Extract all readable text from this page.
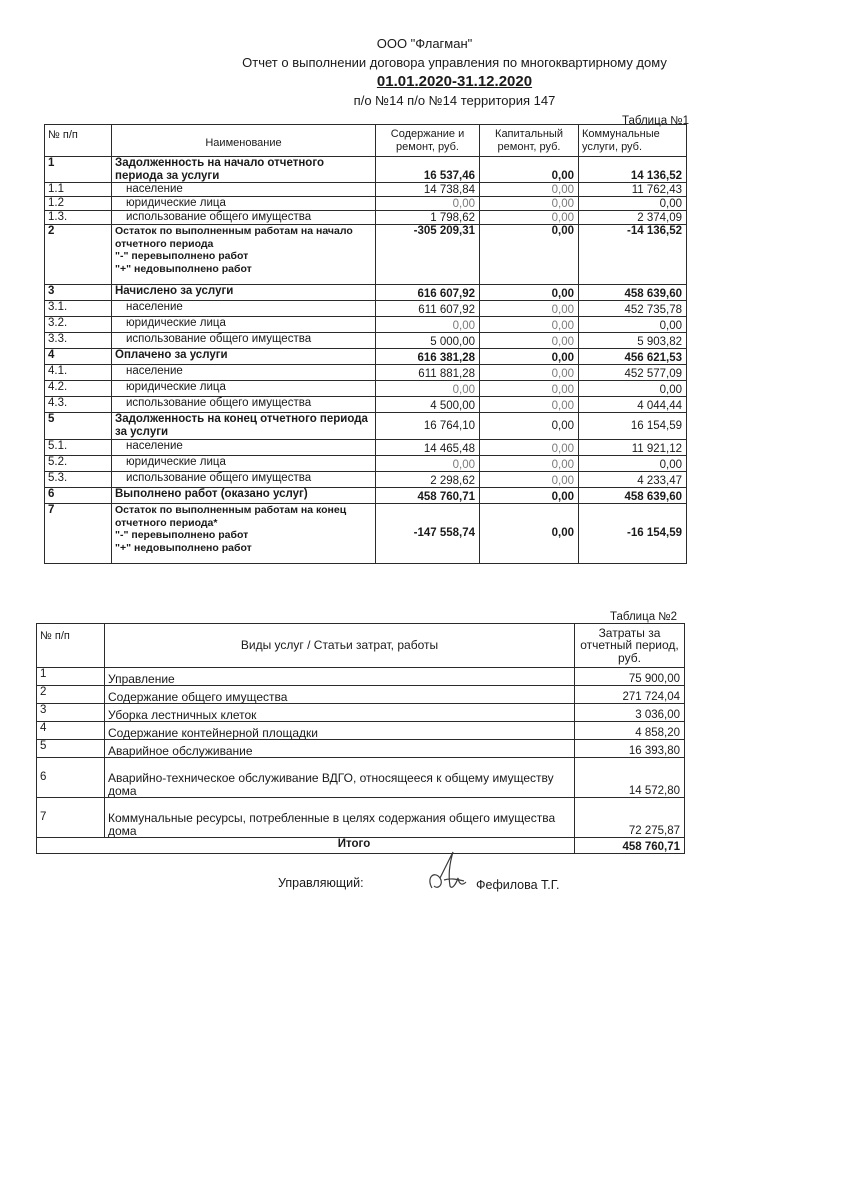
ООО "Флагман"
Отчет о выполнении договора управления по многоквартирному дому
01.01.2020-31.12.2020
п/о №14 п/о №14 территория 147
Таблица №1
№ п/п	Наименование	Содержание и ремонт, руб.	Капитальный ремонт, руб.	Коммунальные услуги, руб.
1	Задолженность на начало отчетного периода за услуги	16 537,46	0,00	14 136,52
1.1	население	14 738,84	0,00	11 762,43
1.2	юридические лица	0,00	0,00	0,00
1.3.	использование общего имущества	1 798,62	0,00	2 374,09
2	Остаток по выполненным работам на начало отчетного периода
"-" перевыполнено работ
"+" недовыполнено работ	-305 209,31	0,00	-14 136,52
3	Начислено за услуги	616 607,92	0,00	458 639,60
3.1.	население	611 607,92	0,00	452 735,78
3.2.	юридические лица	0,00	0,00	0,00
3.3.	использование общего имущества	5 000,00	0,00	5 903,82
4	Оплачено за услуги	616 381,28	0,00	456 621,53
4.1.	население	611 881,28	0,00	452 577,09
4.2.	юридические лица	0,00	0,00	0,00
4.3.	использование общего имущества	4 500,00	0,00	4 044,44
5	Задолженность на конец отчетного периода за услуги	16 764,10	0,00	16 154,59
5.1.	население	14 465,48	0,00	11 921,12
5.2.	юридические лица	0,00	0,00	0,00
5.3.	использование общего имущества	2 298,62	0,00	4 233,47
6	Выполнено работ (оказано услуг)	458 760,71	0,00	458 639,60
7	Остаток по выполненным работам на конец отчетного периода*
"-" перевыполнено работ
"+" недовыполнено работ	-147 558,74	0,00	-16 154,59
Таблица №2
№ п/п	Виды услуг / Статьи затрат, работы	Затраты за отчетный период, руб.
1	Управление	75 900,00
2	Содержание общего имущества	271 724,04
3	Уборка лестничных клеток	3 036,00
4	Содержание контейнерной площадки	4 858,20
5	Аварийное обслуживание	16 393,80
6	Аварийно-техническое обслуживание ВДГО, относящееся к общему имуществу дома	14 572,80
7	Коммунальные ресурсы, потребленные в целях содержания общего имущества дома	72 275,87
Итого		458 760,71
Управляющий:	Фефилова Т.Г.
